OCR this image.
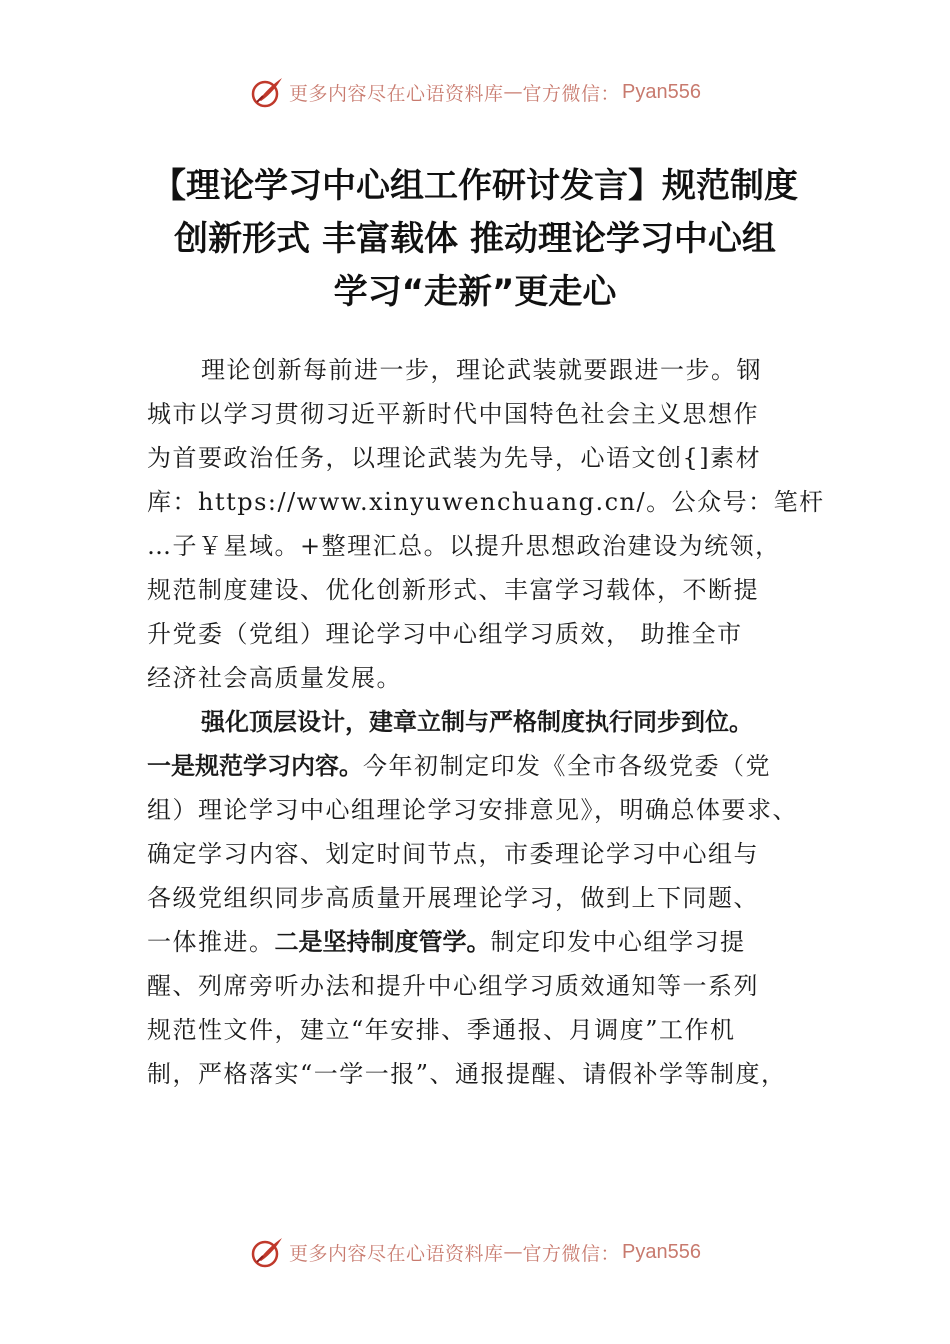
更多内容尽在心语资料库 — 官方微信： Pyan556
【理论学习中心组工作研讨发言】规范制度
创新形式 丰富载体 推动理论学习中心组
学习“走新”更走心
理论创新每前进一步，理论武装就要跟进一步。钢
城市以学习贯彻习近平新时代中国特色社会主义思想作
为首要政治任务，以理论武装为先导，心语文创{]素材
库：https://www.xinyuwenchuang.cn/。公众号：笔杆
…子￥星域。+整理汇总。以提升思想政治建设为统领，
规范制度建设、优化创新形式、丰富学习载体，不断提
升党委（党组）理论学习中心组学习质效， 助推全市
经济社会高质量发展。
强化顶层设计，建章立制与严格制度执行同步到位。
一是规范学习内容。今年初制定印发《全市各级党委（党
组）理论学习中心组理论学习安排意见》，明确总体要求、
确定学习内容、划定时间节点，市委理论学习中心组与
各级党组织同步高质量开展理论学习，做到上下同题、
一体推进。二是坚持制度管学。制定印发中心组学习提
醒、列席旁听办法和提升中心组学习质效通知等一系列
规范性文件，建立“年安排、季通报、月调度”工作机
制，严格落实“一学一报”、通报提醒、请假补学等制度，
更多内容尽在心语资料库 — 官方微信： Pyan556
